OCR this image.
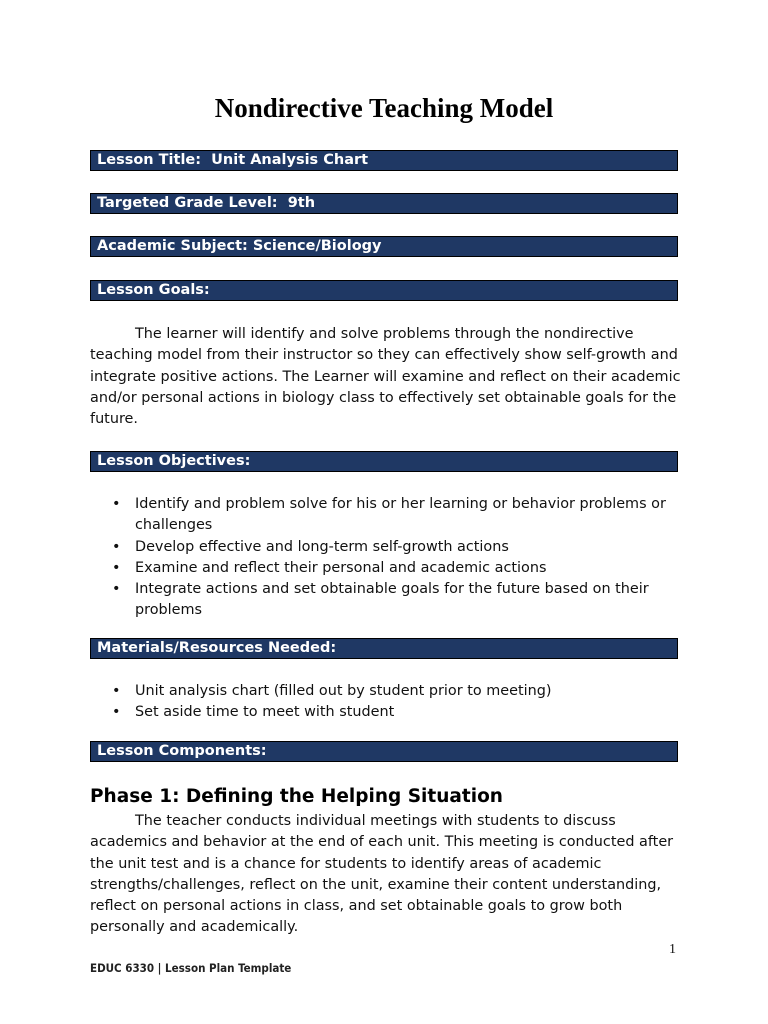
Nondirective Teaching Model
Lesson Title:  Unit Analysis Chart
Targeted Grade Level:  9th
Academic Subject: Science/Biology
Lesson Goals:

The learner will identify and solve problems through the nondirective teaching model from their instructor so they can effectively show self-growth and integrate positive actions. The Learner will examine and reflect on their academic and/or personal actions in biology class to effectively set obtainable goals for the future.

Lesson Objectives:
• Identify and problem solve for his or her learning or behavior problems or challenges
• Develop effective and long-term self-growth actions
• Examine and reflect their personal and academic actions
• Integrate actions and set obtainable goals for the future based on their problems
Materials/Resources Needed:
• Unit analysis chart (filled out by student prior to meeting)
• Set aside time to meet with student
Lesson Components:
Phase 1: Defining the Helping Situation

The teacher conducts individual meetings with students to discuss academics and behavior at the end of each unit. This meeting is conducted after the unit test and is a chance for students to identify areas of academic strengths/challenges, reflect on the unit, examine their content understanding, reflect on personal actions in class, and set obtainable goals to grow both personally and academically.

1
EDUC 6330 | Lesson Plan Template
